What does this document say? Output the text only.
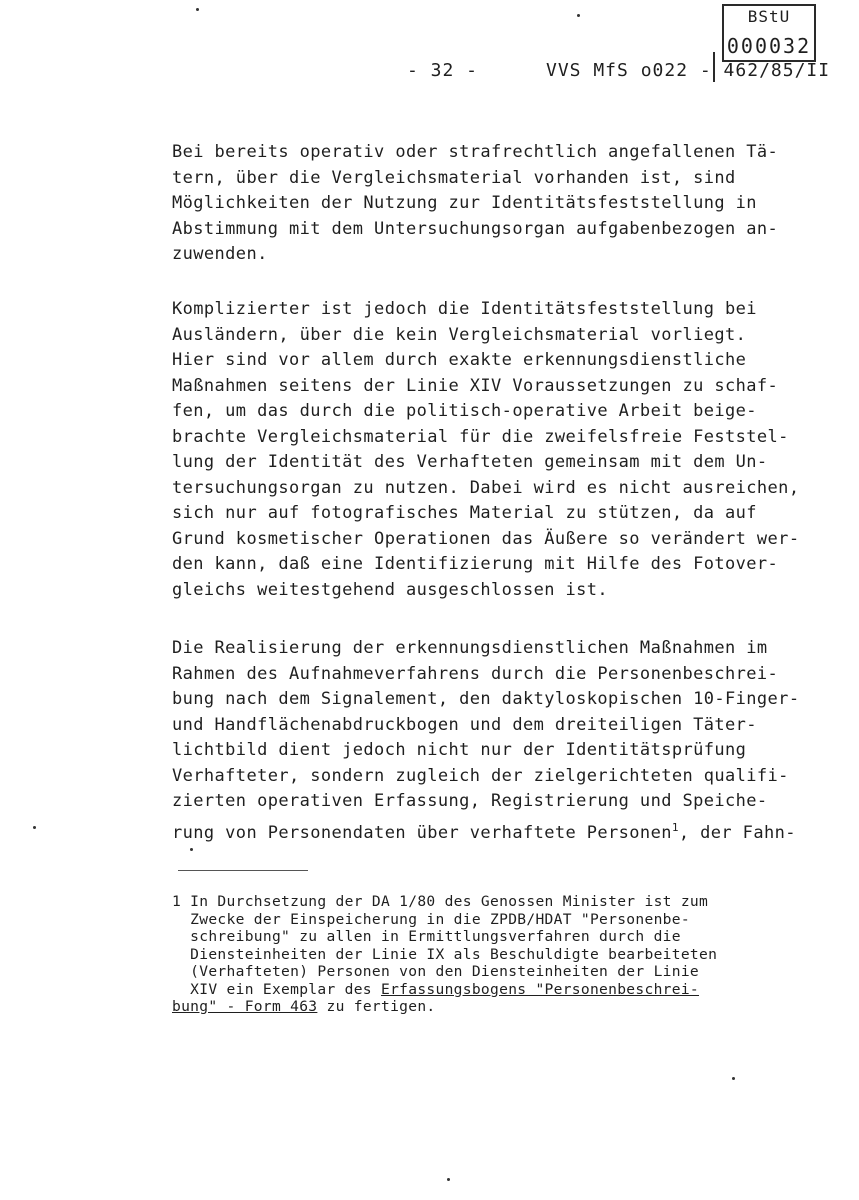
BStU
000032
- 32 -	VVS MfS o022 - 462/85/II
Bei bereits operativ oder strafrechtlich angefallenen Tä-
tern, über die Vergleichsmaterial vorhanden ist, sind
Möglichkeiten der Nutzung zur Identitätsfeststellung in
Abstimmung mit dem Untersuchungsorgan aufgabenbezogen an-
zuwenden.
Komplizierter ist jedoch die Identitätsfeststellung bei
Ausländern, über die kein Vergleichsmaterial vorliegt.
Hier sind vor allem durch exakte erkennungsdienstliche
Maßnahmen seitens der Linie XIV Voraussetzungen zu schaf-
fen, um das durch die politisch-operative Arbeit beige-
brachte Vergleichsmaterial für die zweifelsfreie Feststel-
lung der Identität des Verhafteten gemeinsam mit dem Un-
tersuchungsorgan zu nutzen. Dabei wird es nicht ausreichen,
sich nur auf fotografisches Material zu stützen, da auf
Grund kosmetischer Operationen das Äußere so verändert wer-
den kann, daß eine Identifizierung mit Hilfe des Fotover-
gleichs weitestgehend ausgeschlossen ist.
Die Realisierung der erkennungsdienstlichen Maßnahmen im
Rahmen des Aufnahmeverfahrens durch die Personenbeschrei-
bung nach dem Signalement, den daktyloskopischen 10-Finger-
und Handflächenabdruckbogen und dem dreiteiligen Täter-
lichtbild dient jedoch nicht nur der Identitätsprüfung
Verhafteter, sondern zugleich der zielgerichteten qualifi-
zierten operativen Erfassung, Registrierung und Speiche-
rung von Personendaten über verhaftete Personen$^1$, der Fahn-
1 In Durchsetzung der DA 1/80 des Genossen Minister ist zum
Zwecke der Einspeicherung in die ZPDB/HDAT "Personenbe-
schreibung" zu allen in Ermittlungsverfahren durch die
Diensteinheiten der Linie IX als Beschuldigte bearbeiteten
(Verhafteten) Personen von den Diensteinheiten der Linie
XIV ein Exemplar des Erfassungsbogens "Personenbeschrei-
bung" - Form 463 zu fertigen.
